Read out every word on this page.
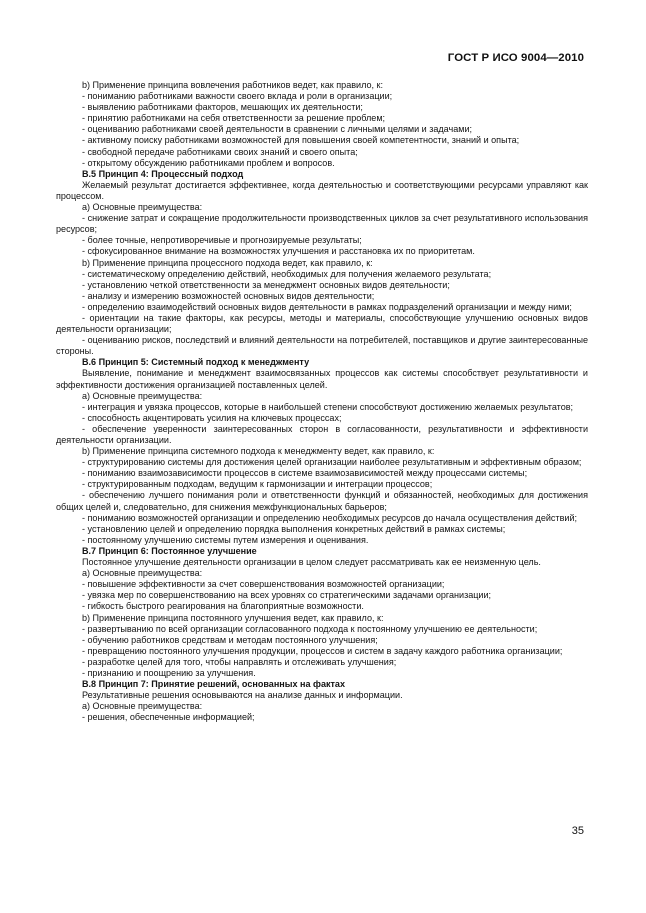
ГОСТ Р ИСО 9004—2010

b) Применение принципа вовлечения работников ведет, как правило, к:

- пониманию работниками важности своего вклада и роли в организации;

- выявлению работниками факторов, мешающих их деятельности;

- принятию работниками на себя ответственности за решение проблем;

- оцениванию работниками своей деятельности в сравнении с личными целями и задачами;

- активному поиску работниками возможностей для повышения своей компетентности, знаний и опыта;

- свободной передаче работниками своих знаний и своего опыта;

- открытому обсуждению работниками проблем и вопросов.

В.5 Принцип 4: Процессный подход

Желаемый результат достигается эффективнее, когда деятельностью и соответствующими ресурсами управляют как процессом.

а) Основные преимущества:

- снижение затрат и сокращение продолжительности производственных циклов за счет результативного использования ресурсов;

- более точные, непротиворечивые и прогнозируемые результаты;

- сфокусированное внимание на возможностях улучшения и расстановка их по приоритетам.

b) Применение принципа процессного подхода ведет, как правило, к:

- систематическому определению действий, необходимых для получения желаемого результата;

- установлению четкой ответственности за менеджмент основных видов деятельности;

- анализу и измерению возможностей основных видов деятельности;

- определению взаимодействий основных видов деятельности в рамках подразделений организации и между ними;

- ориентации на такие факторы, как ресурсы, методы и материалы, способствующие улучшению основных видов деятельности организации;

- оцениванию рисков, последствий и влияний деятельности на потребителей, поставщиков и другие заинтересованные стороны.

В.6 Принцип 5: Системный подход к менеджменту

Выявление, понимание и менеджмент взаимосвязанных процессов как системы способствует результативности и эффективности достижения организацией поставленных целей.

а) Основные преимущества:

- интеграция и увязка процессов, которые в наибольшей степени способствуют достижению желаемых результатов;

- способность акцентировать усилия на ключевых процессах;

- обеспечение уверенности заинтересованных сторон в согласованности, результативности и эффективности деятельности организации.

b) Применение принципа системного подхода к менеджменту ведет, как правило, к:

- структурированию системы для достижения целей организации наиболее результативным и эффективным образом;

- пониманию взаимозависимости процессов в системе взаимозависимостей между процессами системы;

- структурированным подходам, ведущим к гармонизации и интеграции процессов;

- обеспечению лучшего понимания роли и ответственности функций и обязанностей, необходимых для достижения общих целей и, следовательно, для снижения межфункциональных барьеров;

- пониманию возможностей организации и определению необходимых ресурсов до начала осуществления действий;

- установлению целей и определению порядка выполнения конкретных действий в рамках системы;

- постоянному улучшению системы путем измерения и оценивания.

В.7 Принцип 6: Постоянное улучшение

Постоянное улучшение деятельности организации в целом следует рассматривать как ее неизменную цель.

а) Основные преимущества:

- повышение эффективности за счет совершенствования возможностей организации;

- увязка мер по совершенствованию на всех уровнях со стратегическими задачами организации;

- гибкость быстрого реагирования на благоприятные возможности.

b) Применение принципа постоянного улучшения ведет, как правило, к:

- развертыванию по всей организации согласованного подхода к постоянному улучшению ее деятельности;

- обучению работников средствам и методам постоянного улучшения;

- превращению постоянного улучшения продукции, процессов и систем в задачу каждого работника организации;

- разработке целей для того, чтобы направлять и отслеживать улучшения;

- признанию и поощрению за улучшения.

В.8 Принцип 7: Принятие решений, основанных на фактах

Результативные решения основываются на анализе данных и информации.

а) Основные преимущества:

- решения, обеспеченные информацией;

35
